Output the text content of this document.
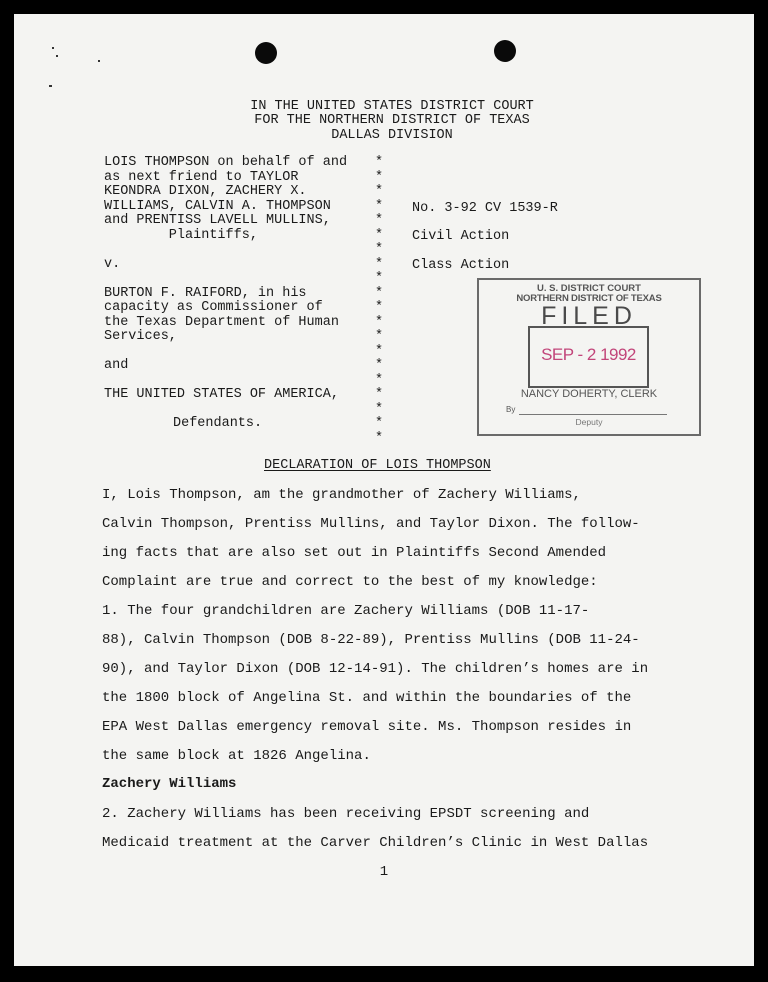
IN THE UNITED STATES DISTRICT COURT
FOR THE NORTHERN DISTRICT OF TEXAS
DALLAS DIVISION
LOIS THOMPSON on behalf of and
as next friend to TAYLOR
KEONDRA DIXON, ZACHERY X.
WILLIAMS, CALVIN A. THOMPSON
and PRENTISS LAVELL MULLINS,
Plaintiffs,
v.
BURTON F. RAIFORD, in his
capacity as Commissioner of
the Texas Department of Human
Services,
and
THE UNITED STATES OF AMERICA,
Defendants.
*
*
*
*
*
*
*
*
*
*
*
*
*
*
*
*
*
*
*
*
No. 3-92 CV 1539-R
Civil Action
Class Action
U. S. DISTRICT COURT
NORTHERN DISTRICT OF TEXAS
FILED
SEP - 2 1992
NANCY DOHERTY, CLERK
By
Deputy
DECLARATION OF LOIS THOMPSON
I, Lois Thompson, am the grandmother of Zachery Williams,
Calvin Thompson, Prentiss Mullins, and Taylor Dixon. The follow-
ing facts that are also set out in Plaintiffs Second Amended
Complaint are true and correct to the best of my knowledge:
1. The four grandchildren are Zachery Williams (DOB 11-17-
88), Calvin Thompson (DOB 8-22-89), Prentiss Mullins (DOB 11-24-
90), and Taylor Dixon (DOB 12-14-91). The children’s homes are in
the 1800 block of Angelina St. and within the boundaries of the
EPA West Dallas emergency removal site. Ms. Thompson resides in
the same block at 1826 Angelina.
Zachery Williams
2. Zachery Williams has been receiving EPSDT screening and
Medicaid treatment at the Carver Children’s Clinic in West Dallas
1
